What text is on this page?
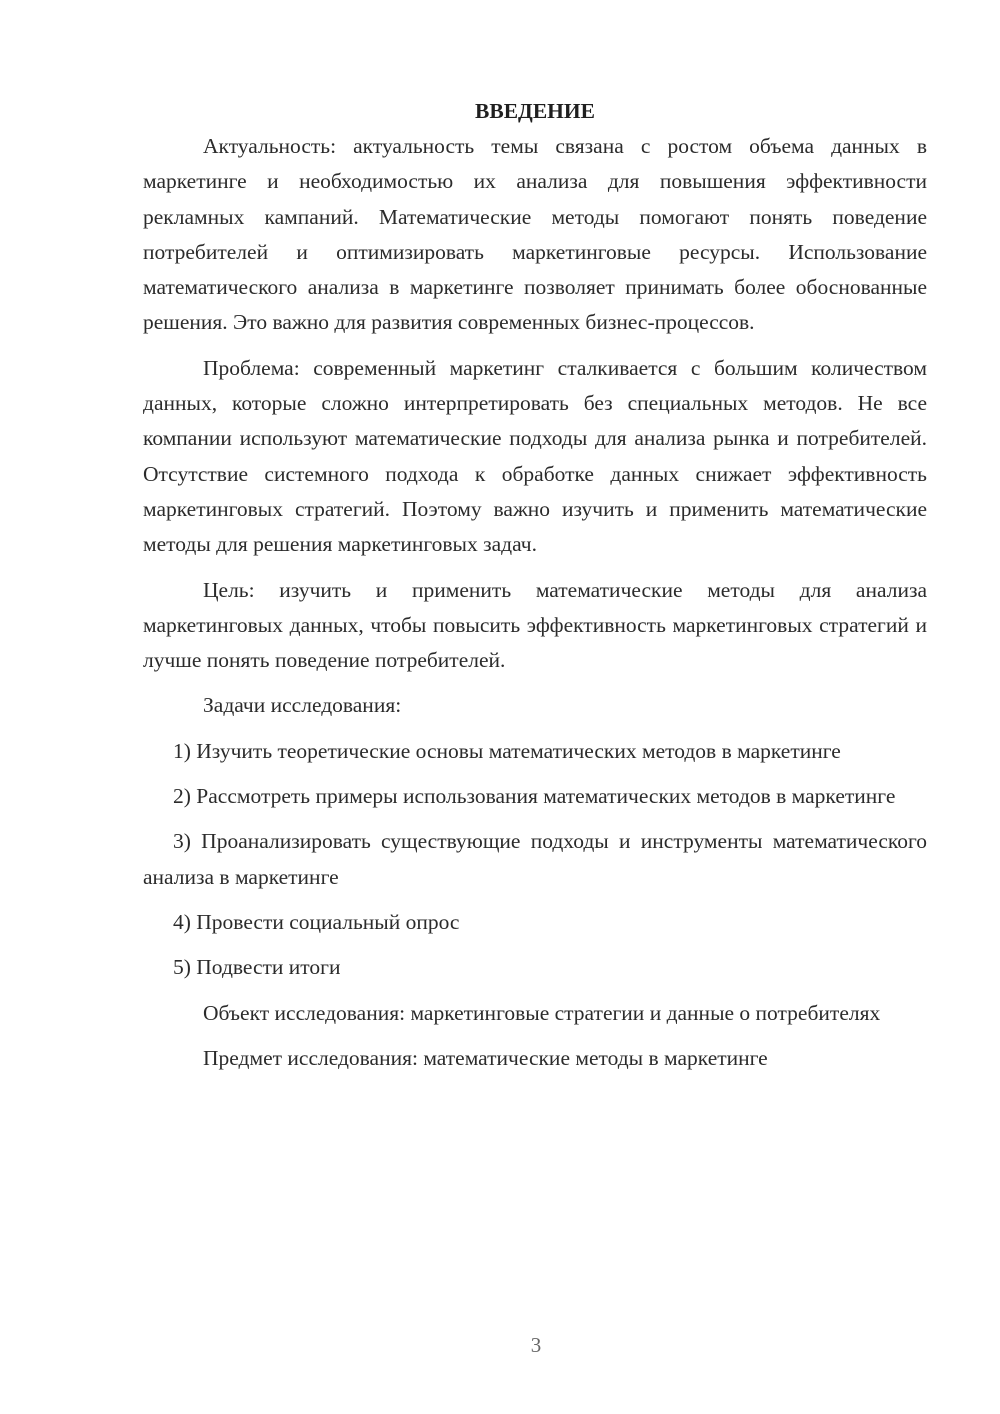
ВВЕДЕНИЕ

Актуальность: актуальность темы связана с ростом объема данных в маркетинге и необходимостью их анализа для повышения эффективности рекламных кампаний. Математические методы помогают понять поведение потребителей и оптимизировать маркетинговые ресурсы. Использование математического анализа в маркетинге позволяет принимать более обоснованные решения. Это важно для развития современных бизнес-процессов.

Проблема: современный маркетинг сталкивается с большим количеством данных, которые сложно интерпретировать без специальных методов. Не все компании используют математические подходы для анализа рынка и потребителей. Отсутствие системного подхода к обработке данных снижает эффективность маркетинговых стратегий. Поэтому важно изучить и применить математические методы для решения маркетинговых задач.

Цель: изучить и применить математические методы для анализа маркетинговых данных, чтобы повысить эффективность маркетинговых стратегий и лучше понять поведение потребителей.

Задачи исследования:

1) Изучить теоретические основы математических методов в маркетинге

2) Рассмотреть примеры использования математических методов в маркетинге

3) Проанализировать существующие подходы и инструменты математического анализа в маркетинге

4) Провести социальный опрос

5) Подвести итоги

Объект исследования: маркетинговые стратегии и данные о потребителях

Предмет исследования: математические методы в маркетинге

3
